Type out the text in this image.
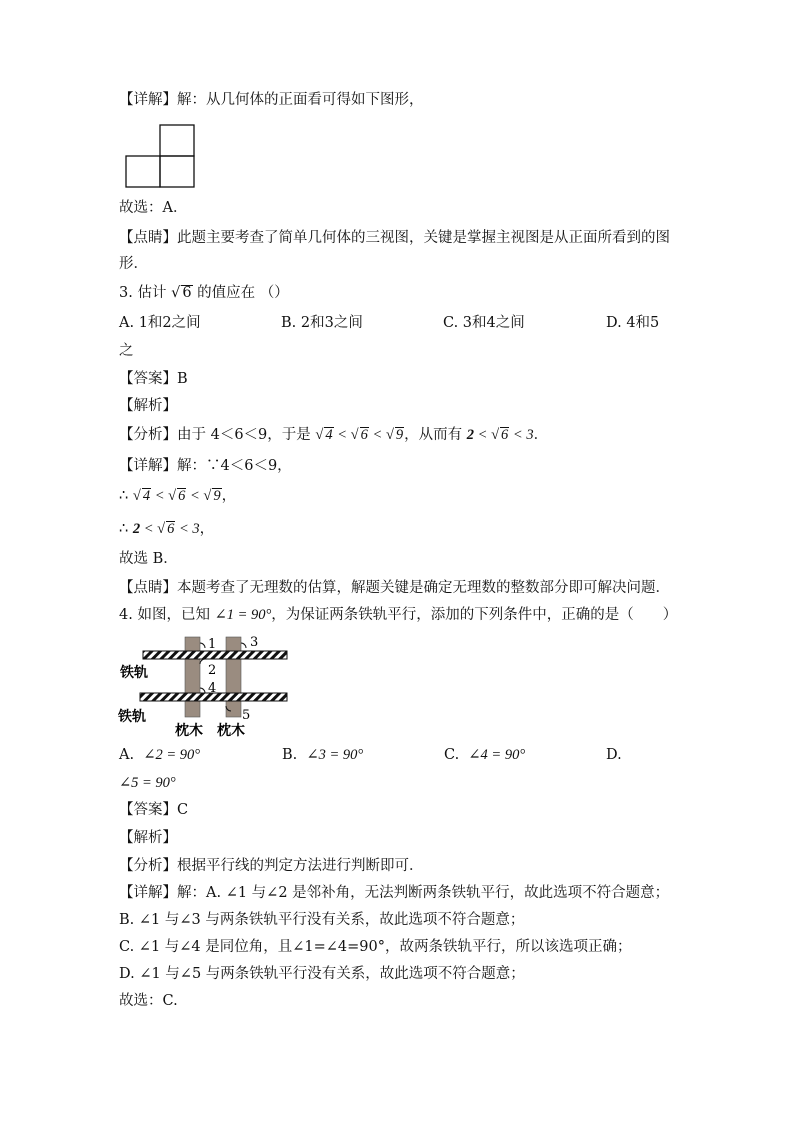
【详解】解：从几何体的正面看可得如下图形，
故选：A．
【点睛】此题主要考查了简单几何体的三视图，关键是掌握主视图是从正面所看到的图
形．
3. 估计 √ 6 的值应在 （）
A. 1和2之间	B. 2和3之间	C. 3和4之间	D. 4和5
之
【答案】B
【解析】
【分析】由于 4＜6＜9，于是 √ 4 < √ 6 < √ 9，从而有 2 < √ 6 < 3．
【详解】解：∵4＜6＜9，
∴ √ 4 < √ 6 < √ 9，
∴ 2 < √ 6 < 3，
故选 B．
【点睛】本题考查了无理数的估算，解题关键是确定无理数的整数部分即可解决问题．
4. 如图，已知 ∠1 = 90°，为保证两条铁轨平行，添加的下列条件中，正确的是（　　）
1
2
3
4
5
铁轨
铁轨
枕木 枕木
A. ∠2 = 90°	B. ∠3 = 90°	C. ∠4 = 90°	D.
∠5 = 90°
【答案】C
【解析】
【分析】根据平行线的判定方法进行判断即可．
【详解】解：A. ∠1 与∠2 是邻补角，无法判断两条铁轨平行，故此选项不符合题意；
B. ∠1 与∠3 与两条铁轨平行没有关系，故此选项不符合题意；
C. ∠1 与∠4 是同位角，且∠1=∠4=90°，故两条铁轨平行，所以该选项正确；
D. ∠1 与∠5 与两条铁轨平行没有关系，故此选项不符合题意；
故选：C.
